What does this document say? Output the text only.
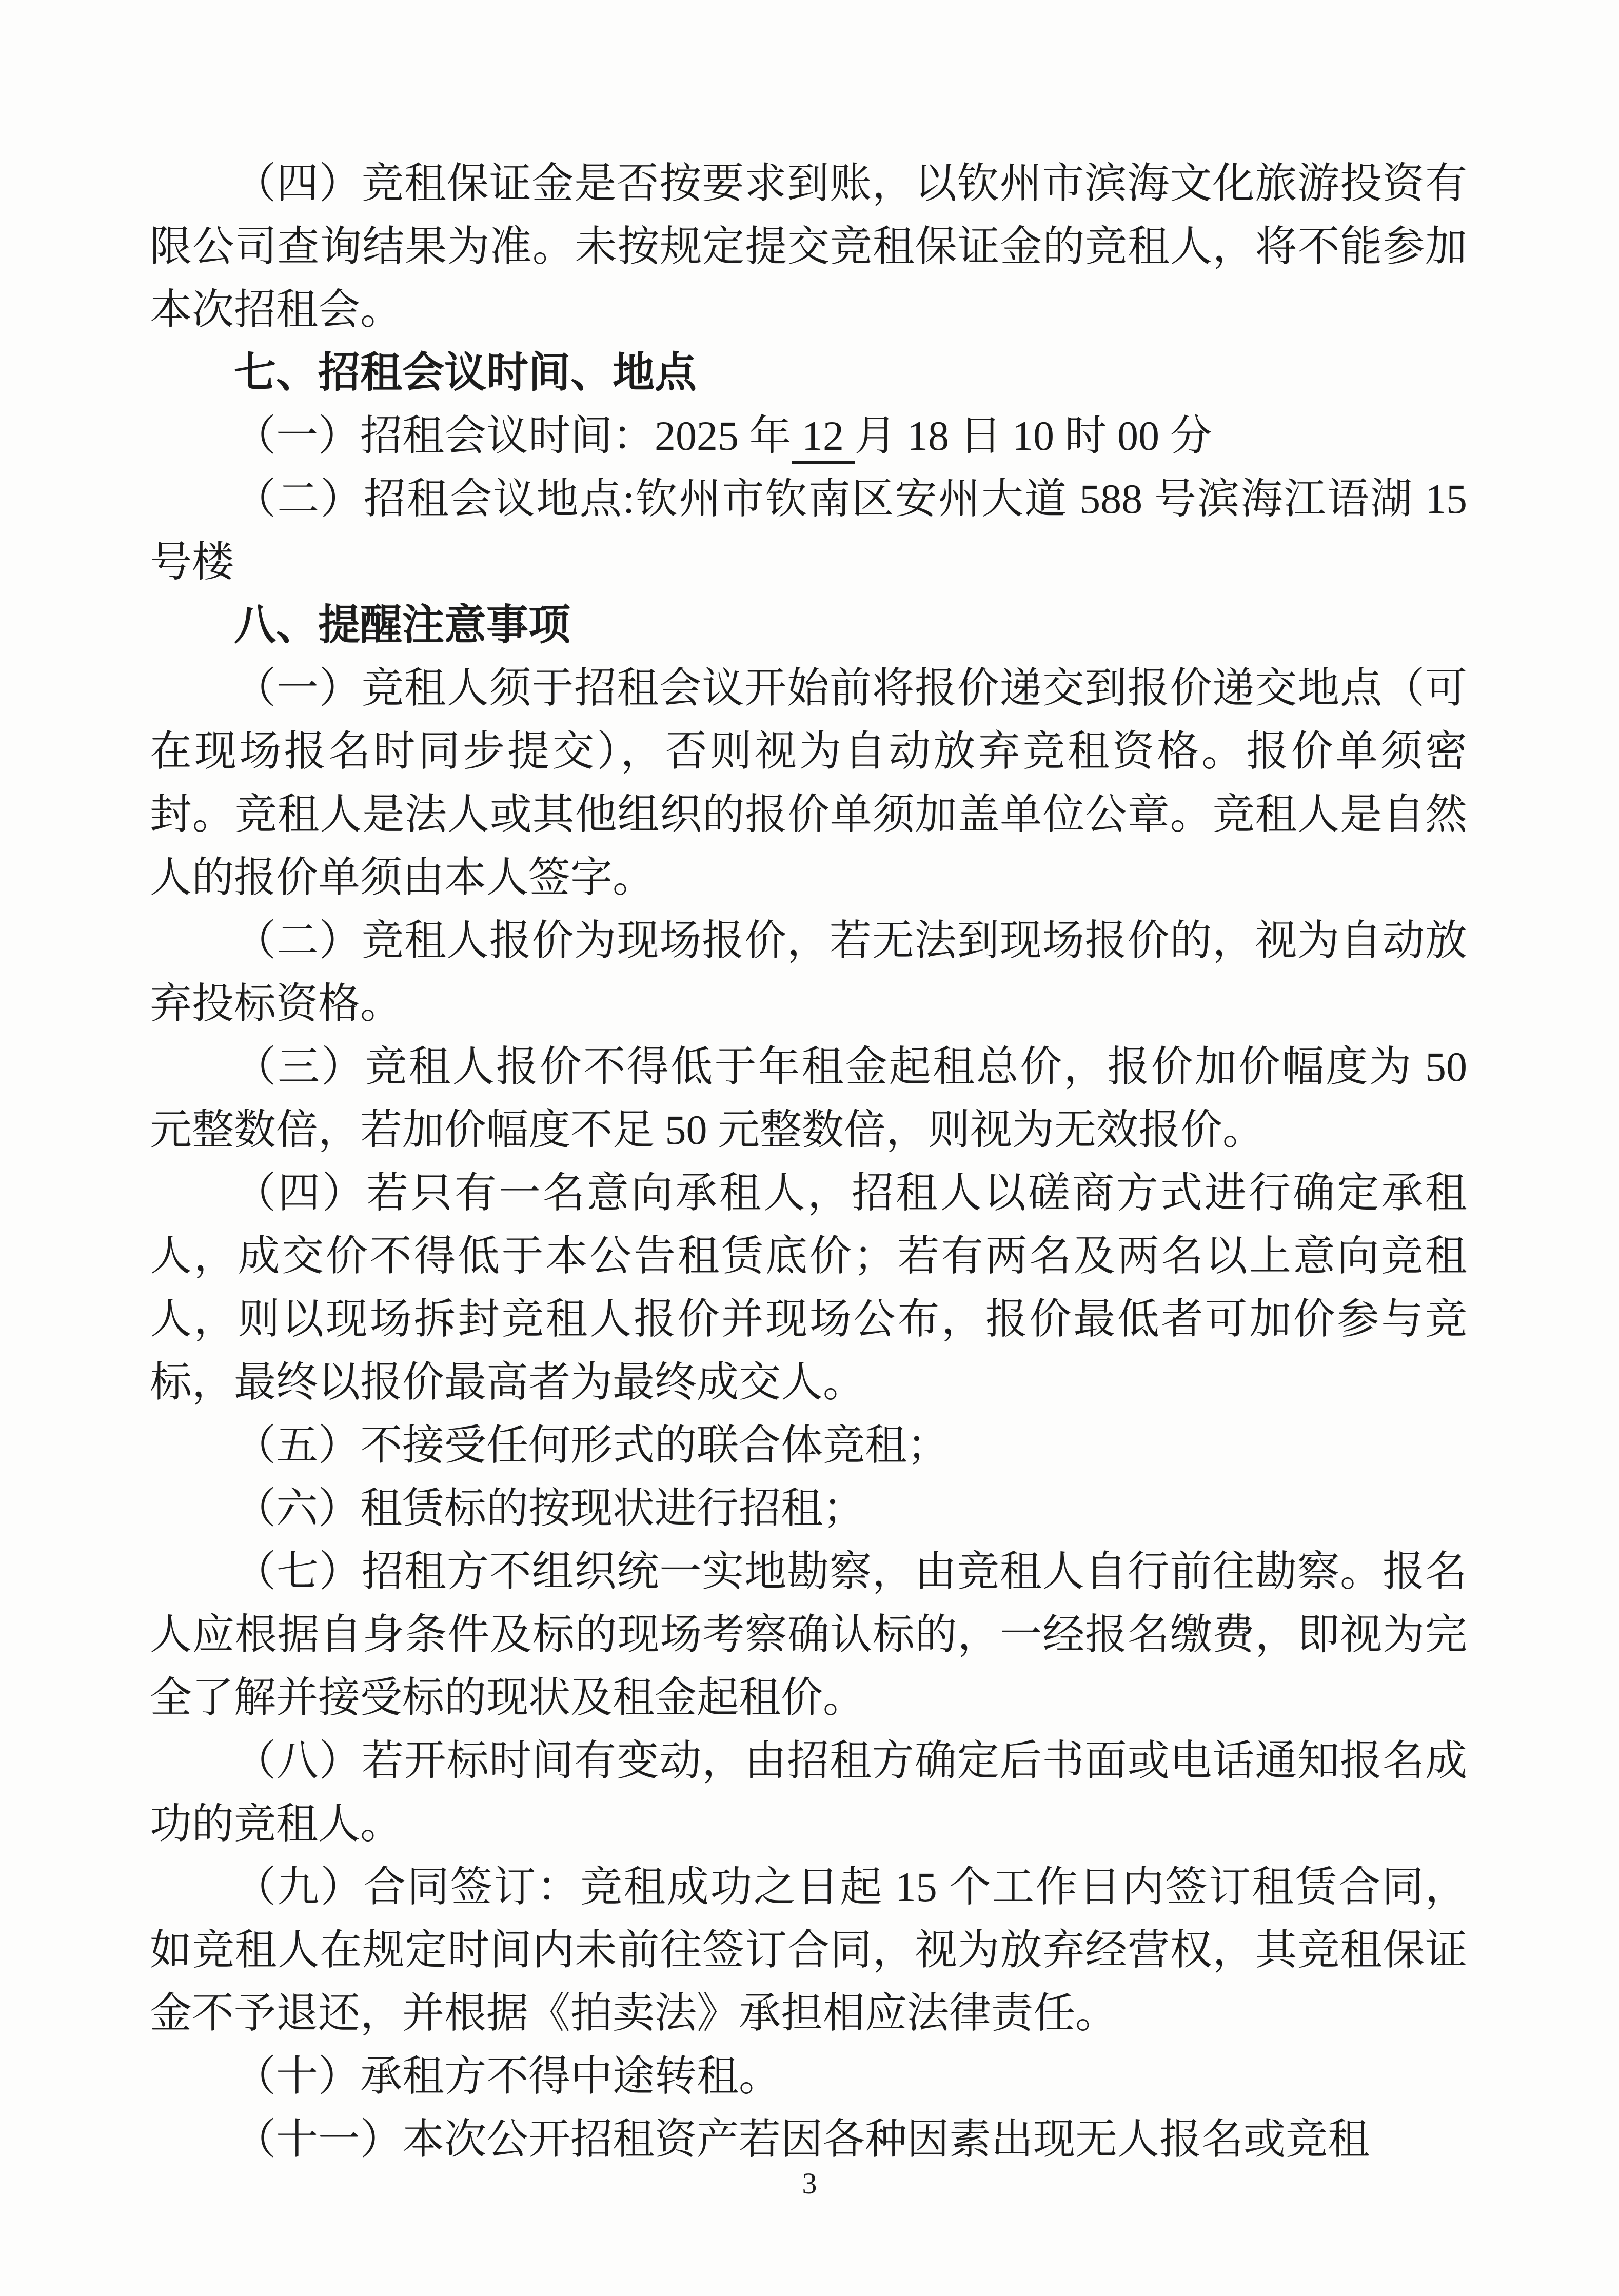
（四）竞租保证金是否按要求到账，以钦州市滨海文化旅游投资有限公司查询结果为准。未按规定提交竞租保证金的竞租人，将不能参加本次招租会。

七、招租会议时间、地点

（一）招租会议时间：2025 年 12 月 18 日 10 时 00 分

（二）招租会议地点:钦州市钦南区安州大道 588 号滨海江语湖 15 号楼

八、提醒注意事项

（一）竞租人须于招租会议开始前将报价递交到报价递交地点（可在现场报名时同步提交），否则视为自动放弃竞租资格。报价单须密封。竞租人是法人或其他组织的报价单须加盖单位公章。竞租人是自然人的报价单须由本人签字。

（二）竞租人报价为现场报价，若无法到现场报价的，视为自动放弃投标资格。

（三）竞租人报价不得低于年租金起租总价，报价加价幅度为 50 元整数倍，若加价幅度不足 50 元整数倍，则视为无效报价。

（四）若只有一名意向承租人，招租人以磋商方式进行确定承租人，成交价不得低于本公告租赁底价；若有两名及两名以上意向竞租人，则以现场拆封竞租人报价并现场公布，报价最低者可加价参与竞标，最终以报价最高者为最终成交人。

（五）不接受任何形式的联合体竞租；

（六）租赁标的按现状进行招租；

（七）招租方不组织统一实地勘察，由竞租人自行前往勘察。报名人应根据自身条件及标的现场考察确认标的，一经报名缴费，即视为完全了解并接受标的现状及租金起租价。

（八）若开标时间有变动，由招租方确定后书面或电话通知报名成功的竞租人。

（九）合同签订：竞租成功之日起 15 个工作日内签订租赁合同，如竞租人在规定时间内未前往签订合同，视为放弃经营权，其竞租保证金不予退还，并根据《拍卖法》承担相应法律责任。

（十）承租方不得中途转租。

（十一）本次公开招租资产若因各种因素出现无人报名或竞租

3
